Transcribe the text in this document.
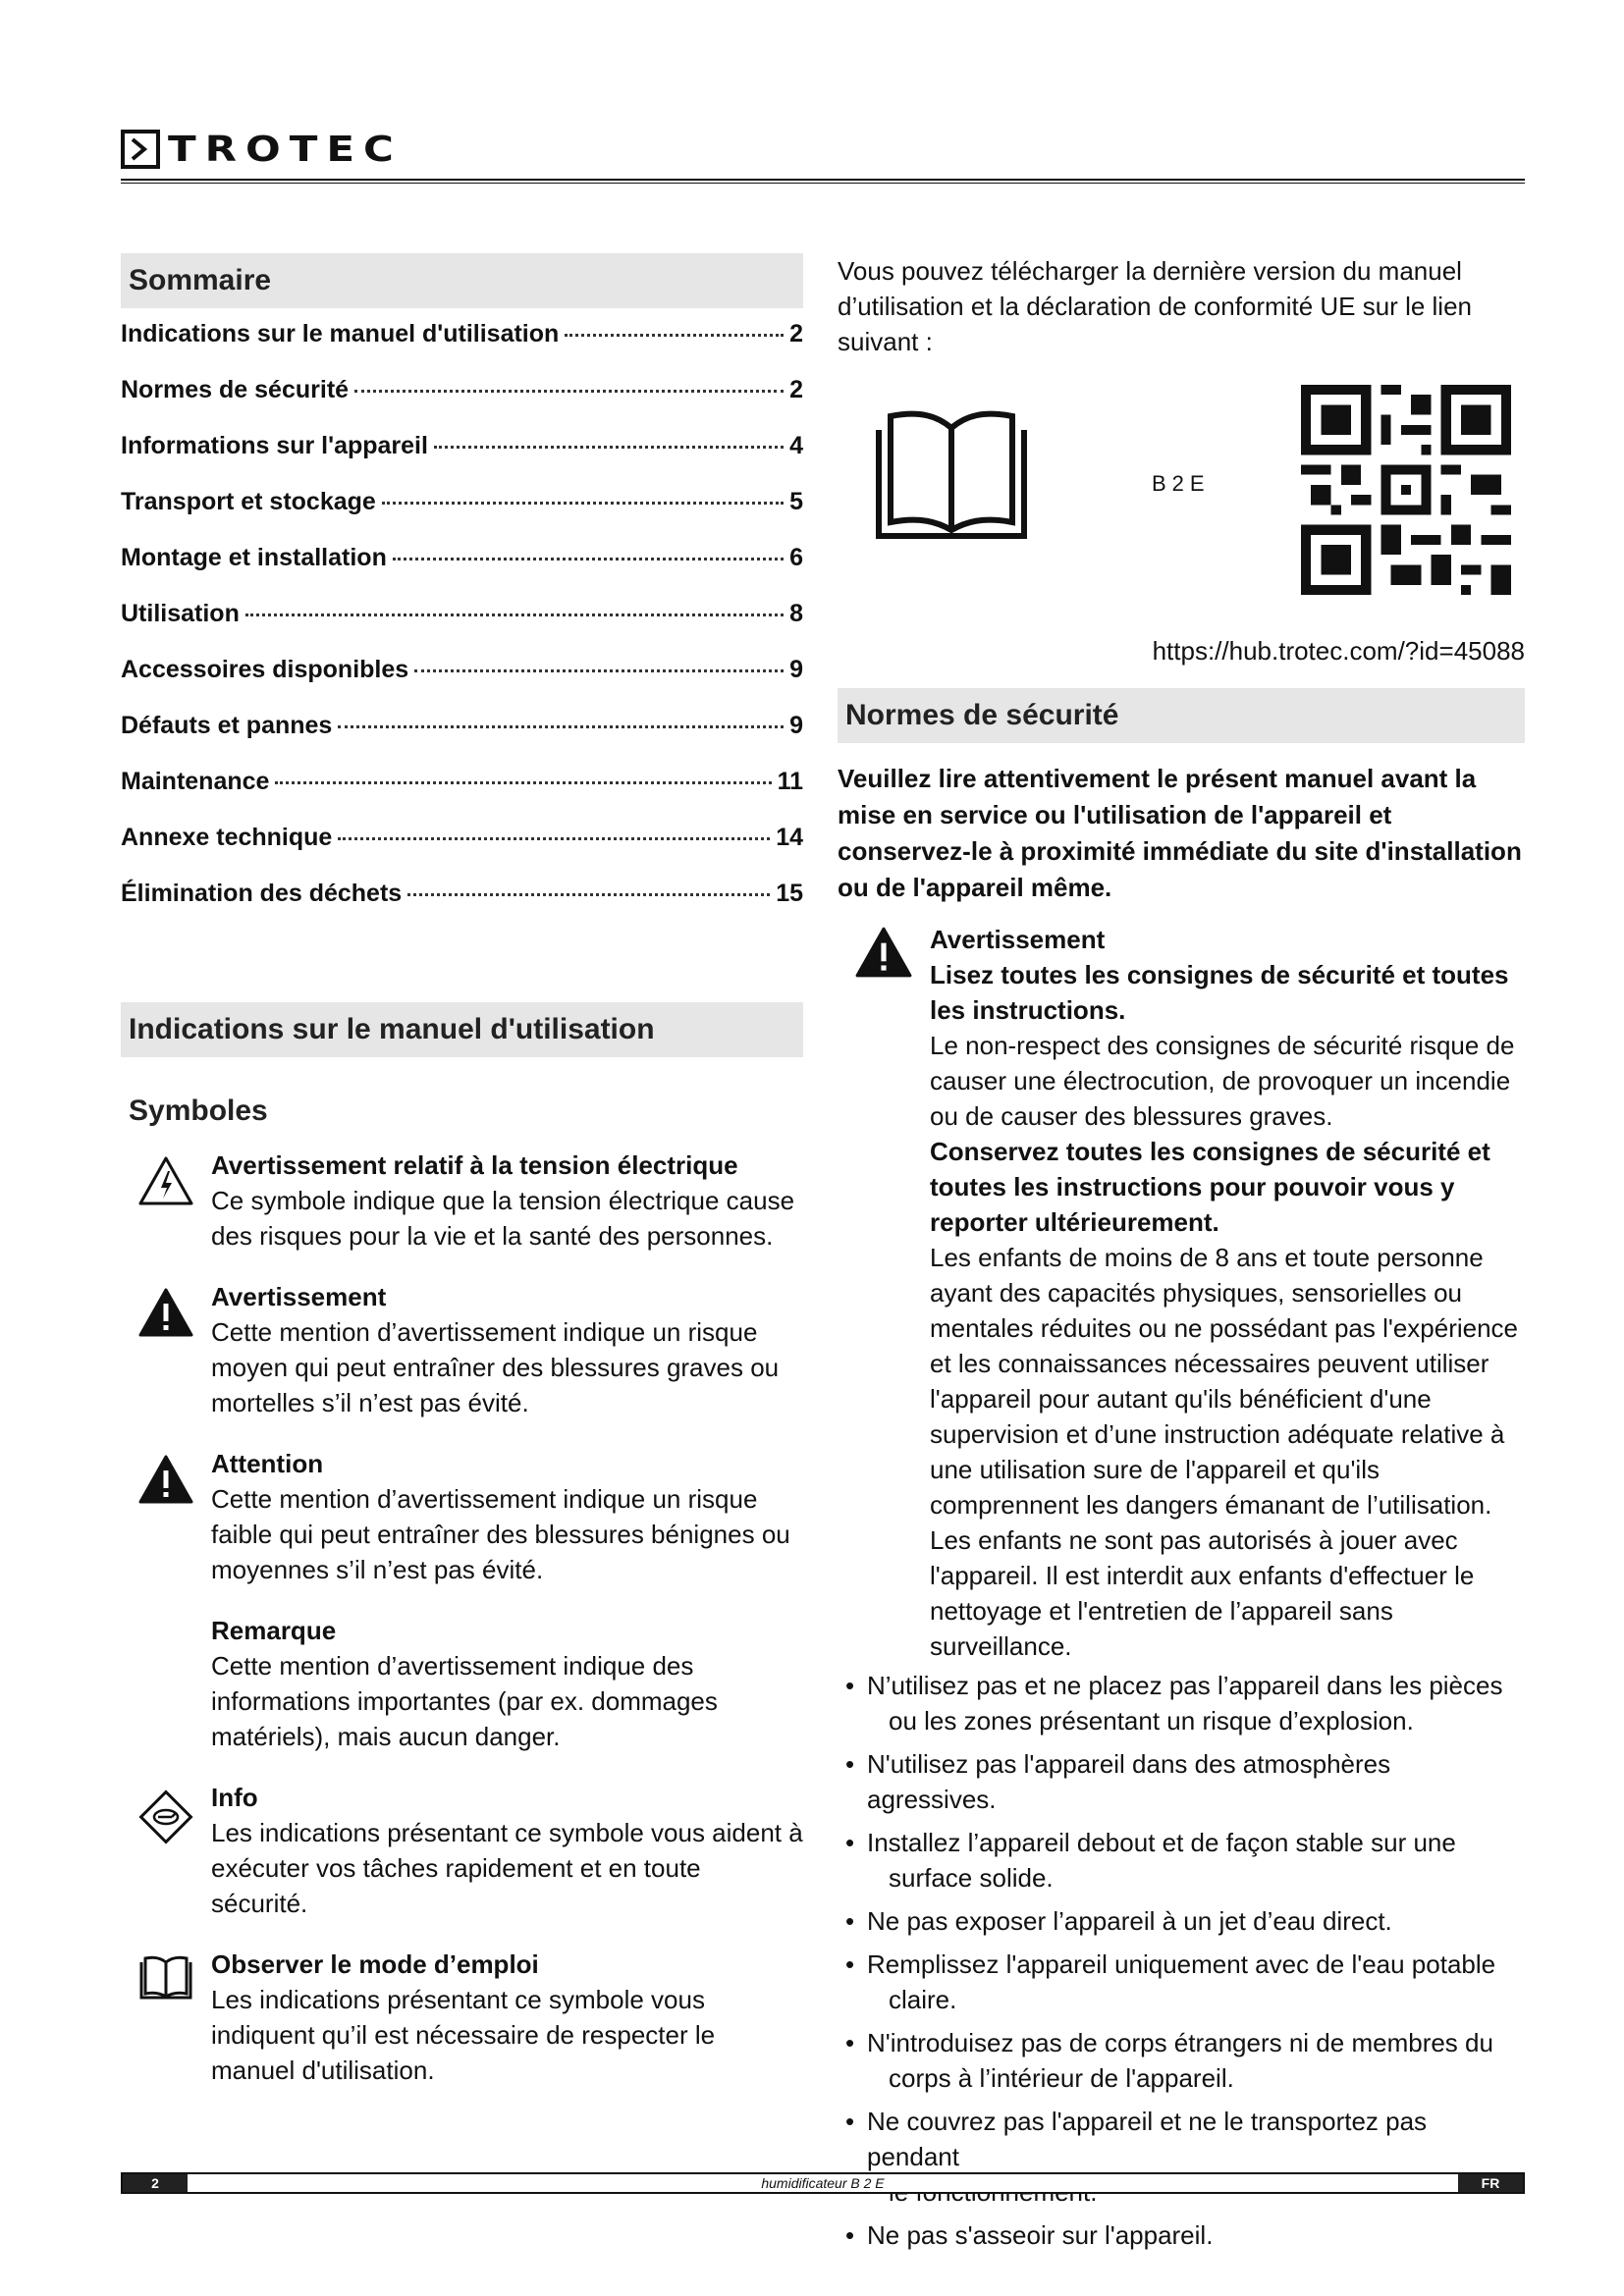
TROTEC
Sommaire
Indications sur le manuel d'utilisation	2
Normes de sécurité	2
Informations sur l'appareil	4
Transport et stockage	5
Montage et installation	6
Utilisation	8
Accessoires disponibles	9
Défauts et pannes	9
Maintenance	11
Annexe technique	14
Élimination des déchets	15
Indications sur le manuel d'utilisation
Symboles
Avertissement relatif à la tension électrique
Ce symbole indique que la tension électrique cause des risques pour la vie et la santé des personnes.
Avertissement
Cette mention d’avertissement indique un risque moyen qui peut entraîner des blessures graves ou mortelles s’il n’est pas évité.
Attention
Cette mention d’avertissement indique un risque faible qui peut entraîner des blessures bénignes ou moyennes s’il n’est pas évité.
Remarque
Cette mention d’avertissement indique des informations importantes (par ex. dommages matériels), mais aucun danger.
Info
Les indications présentant ce symbole vous aident à exécuter vos tâches rapidement et en toute sécurité.
Observer le mode d’emploi
Les indications présentant ce symbole vous indiquent qu’il est nécessaire de respecter le manuel d'utilisation.
Vous pouvez télécharger la dernière version du manuel d’utilisation et la déclaration de conformité UE sur le lien suivant :
B2E
https://hub.trotec.com/?id=45088
Normes de sécurité
Veuillez lire attentivement le présent manuel avant la mise en service ou l'utilisation de l'appareil et conservez-le à proximité immédiate du site d'installation ou de l'appareil même.
Avertissement
Lisez toutes les consignes de sécurité et toutes les instructions.
Le non-respect des consignes de sécurité risque de causer une électrocution, de provoquer un incendie ou de causer des blessures graves.
Conservez toutes les consignes de sécurité et toutes les instructions pour pouvoir vous y reporter ultérieurement.
Les enfants de moins de 8 ans et toute personne ayant des capacités physiques, sensorielles ou mentales réduites ou ne possédant pas l'expérience et les connaissances nécessaires peuvent utiliser l'appareil pour autant qu'ils bénéficient d'une supervision et d’une instruction adéquate relative à une utilisation sure de l'appareil et qu'ils comprennent les dangers émanant de l’utilisation.
Les enfants ne sont pas autorisés à jouer avec l'appareil. Il est interdit aux enfants d'effectuer le nettoyage et l'entretien de l’appareil sans surveillance.
• N’utilisez pas et ne placez pas l’appareil dans les pièces
ou les zones présentant un risque d’explosion.
• N'utilisez pas l'appareil dans des atmosphères agressives.
• Installez l’appareil debout et de façon stable sur une
surface solide.
• Ne pas exposer l’appareil à un jet d’eau direct.
• Remplissez l'appareil uniquement avec de l'eau potable
claire.
• N'introduisez pas de corps étrangers ni de membres du
corps à l’intérieur de l'appareil.
• Ne couvrez pas l'appareil et ne le transportez pas pendant
• Ne pas s'asseoir sur l'appareil.
2	humidificateur B 2 E	FR
